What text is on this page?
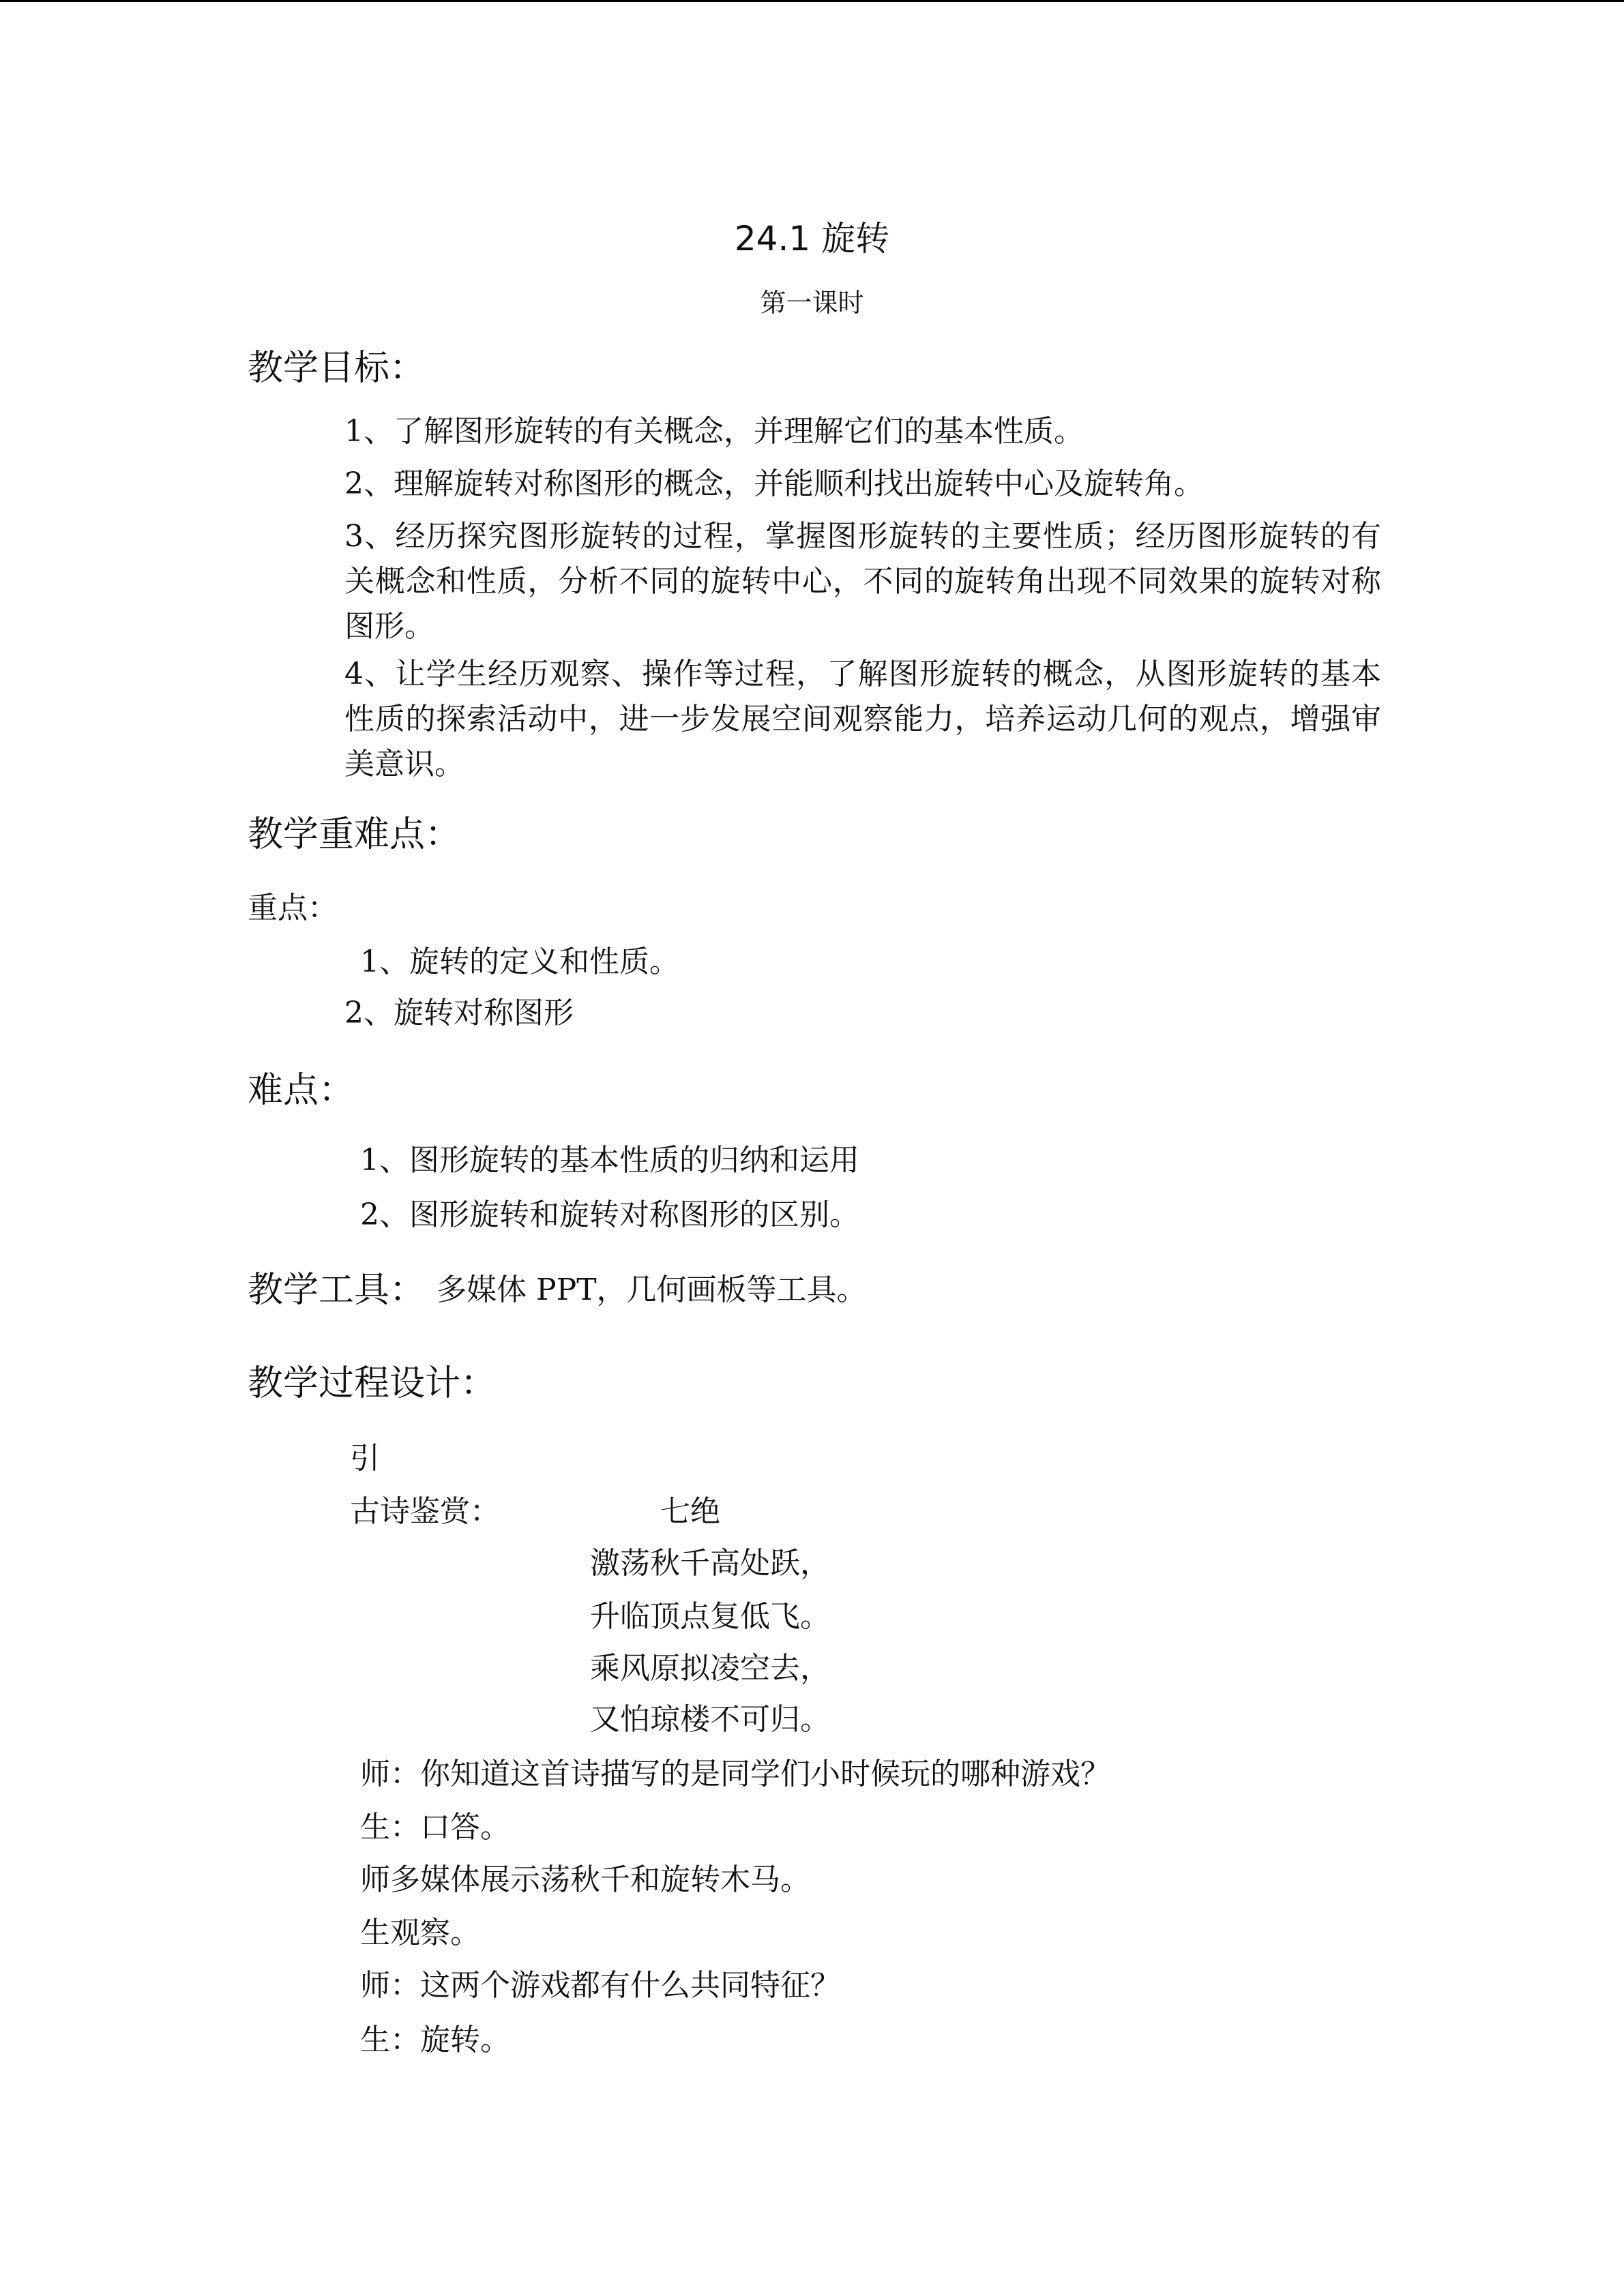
24.1 旋转
第一课时
教学目标：
1、了解图形旋转的有关概念，并理解它们的基本性质。
2、理解旋转对称图形的概念，并能顺利找出旋转中心及旋转角。
3、经历探究图形旋转的过程，掌握图形旋转的主要性质；经历图形旋转的有关概念和性质，分析不同的旋转中心，不同的旋转角出现不同效果的旋转对称图形。
4、让学生经历观察、操作等过程，了解图形旋转的概念，从图形旋转的基本性质的探索活动中，进一步发展空间观察能力，培养运动几何的观点，增强审美意识。
教学重难点：
重点：
1、旋转的定义和性质。
2、旋转对称图形
难点：
1、图形旋转的基本性质的归纳和运用
2、图形旋转和旋转对称图形的区别。
教学工具： 多媒体 PPT，几何画板等工具。
教学过程设计：
引
古诗鉴赏：	七绝
激荡秋千高处跃，
升临顶点复低飞。
乘风原拟凌空去，
又怕琼楼不可归。
师：你知道这首诗描写的是同学们小时候玩的哪种游戏？
生：口答。
师多媒体展示荡秋千和旋转木马。
生观察。
师：这两个游戏都有什么共同特征？
生：旋转。
